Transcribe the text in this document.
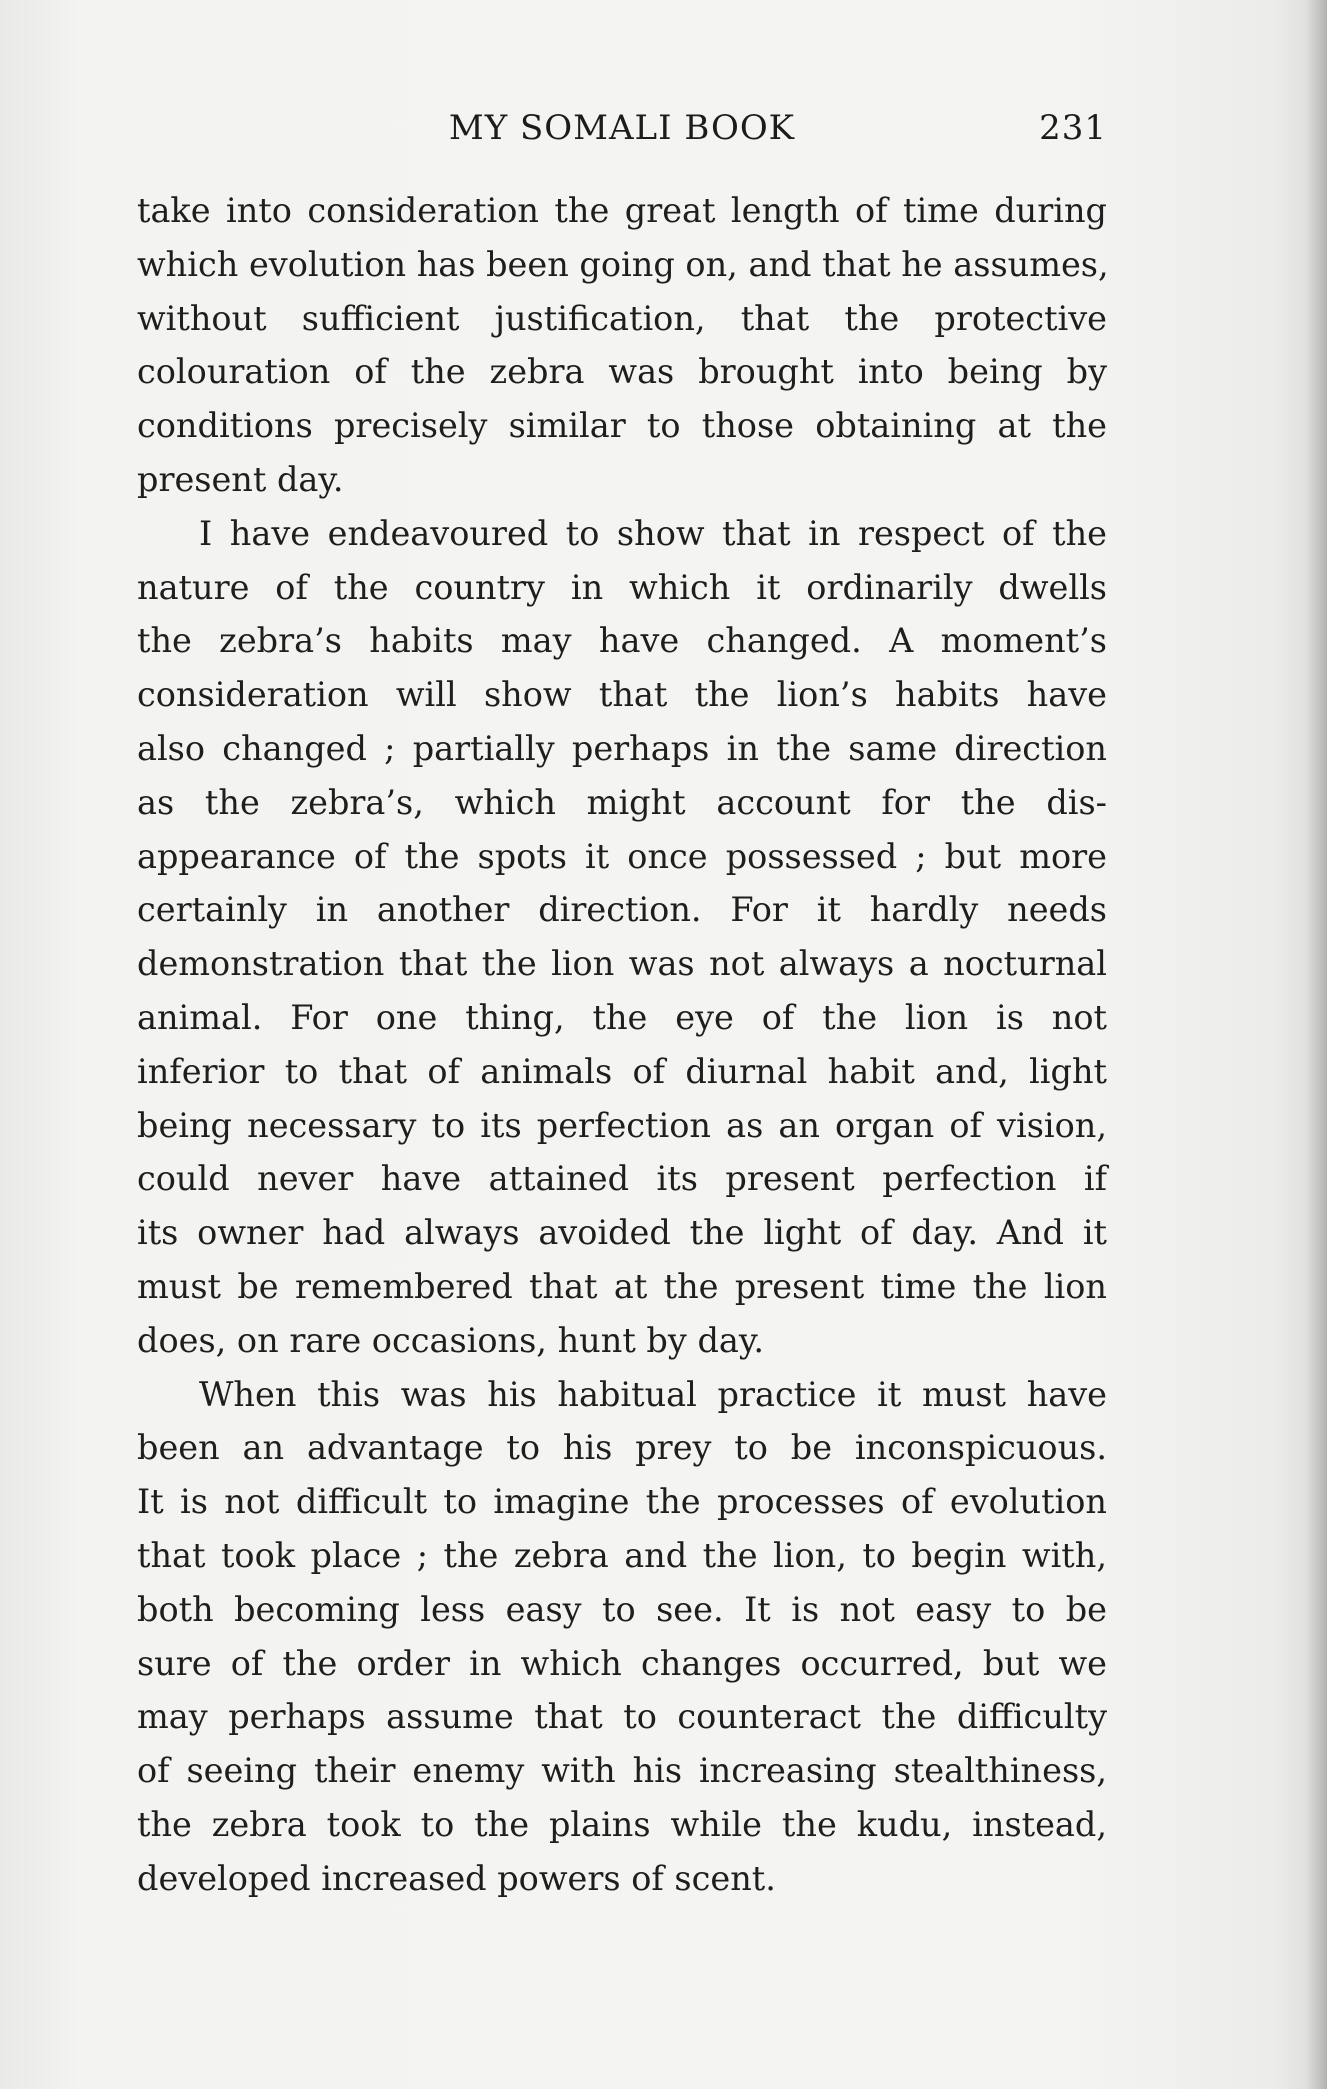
MY SOMALI BOOK	231
take into consideration the great length of time during
which evolution has been going on, and that he assumes,
without sufficient justification, that the protective
colouration of the zebra was brought into being by
conditions precisely similar to those obtaining at the
present day.
I have endeavoured to show that in respect of the
nature of the country in which it ordinarily dwells
the zebra’s habits may have changed. A moment’s
consideration will show that the lion’s habits have
also changed ; partially perhaps in the same direction
as the zebra’s, which might account for the dis-
appearance of the spots it once possessed ; but more
certainly in another direction. For it hardly needs
demonstration that the lion was not always a nocturnal
animal. For one thing, the eye of the lion is not
inferior to that of animals of diurnal habit and, light
being necessary to its perfection as an organ of vision,
could never have attained its present perfection if
its owner had always avoided the light of day. And it
must be remembered that at the present time the lion
does, on rare occasions, hunt by day.
When this was his habitual practice it must have
been an advantage to his prey to be inconspicuous.
It is not difficult to imagine the processes of evolution
that took place ; the zebra and the lion, to begin with,
both becoming less easy to see. It is not easy to be
sure of the order in which changes occurred, but we
may perhaps assume that to counteract the difficulty
of seeing their enemy with his increasing stealthiness,
the zebra took to the plains while the kudu, instead,
developed increased powers of scent.
